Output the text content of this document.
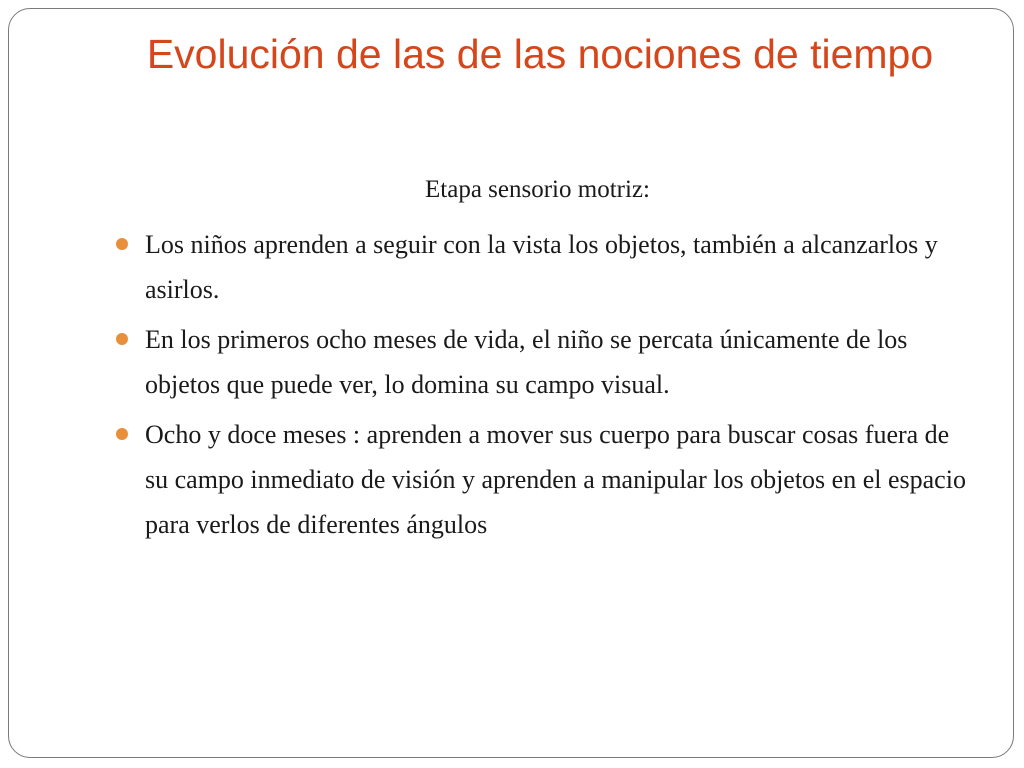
Evolución de las de las nociones de tiempo
Etapa sensorio motriz:
Los niños aprenden a seguir con la vista los objetos, también a alcanzarlos y asirlos.
En los primeros ocho meses de vida, el niño se percata únicamente de los objetos que puede ver, lo domina su campo visual.
Ocho y doce meses : aprenden a mover sus cuerpo para buscar cosas fuera de su campo inmediato de visión y aprenden a manipular los objetos en el espacio para verlos de diferentes ángulos
